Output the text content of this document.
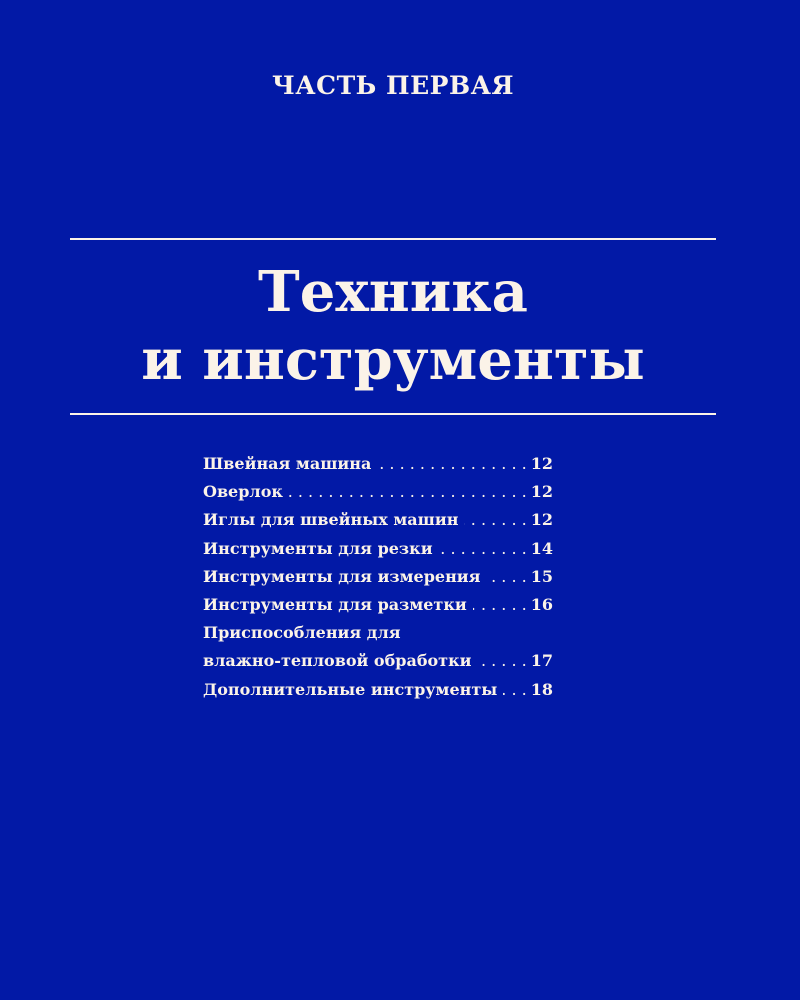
ЧАСТЬ ПЕРВАЯ
Техника
и инструменты
Швейная машина . . .	12
Оверлок . . .	12
Иглы для швейных машин . . .	12
Инструменты для резки . . .	14
Инструменты для измерения . . .	15
Инструменты для разметки . . .	16
Приспособления для
влажно-тепловой обработки . . .	17
Дополнительные инструменты . . .	18
